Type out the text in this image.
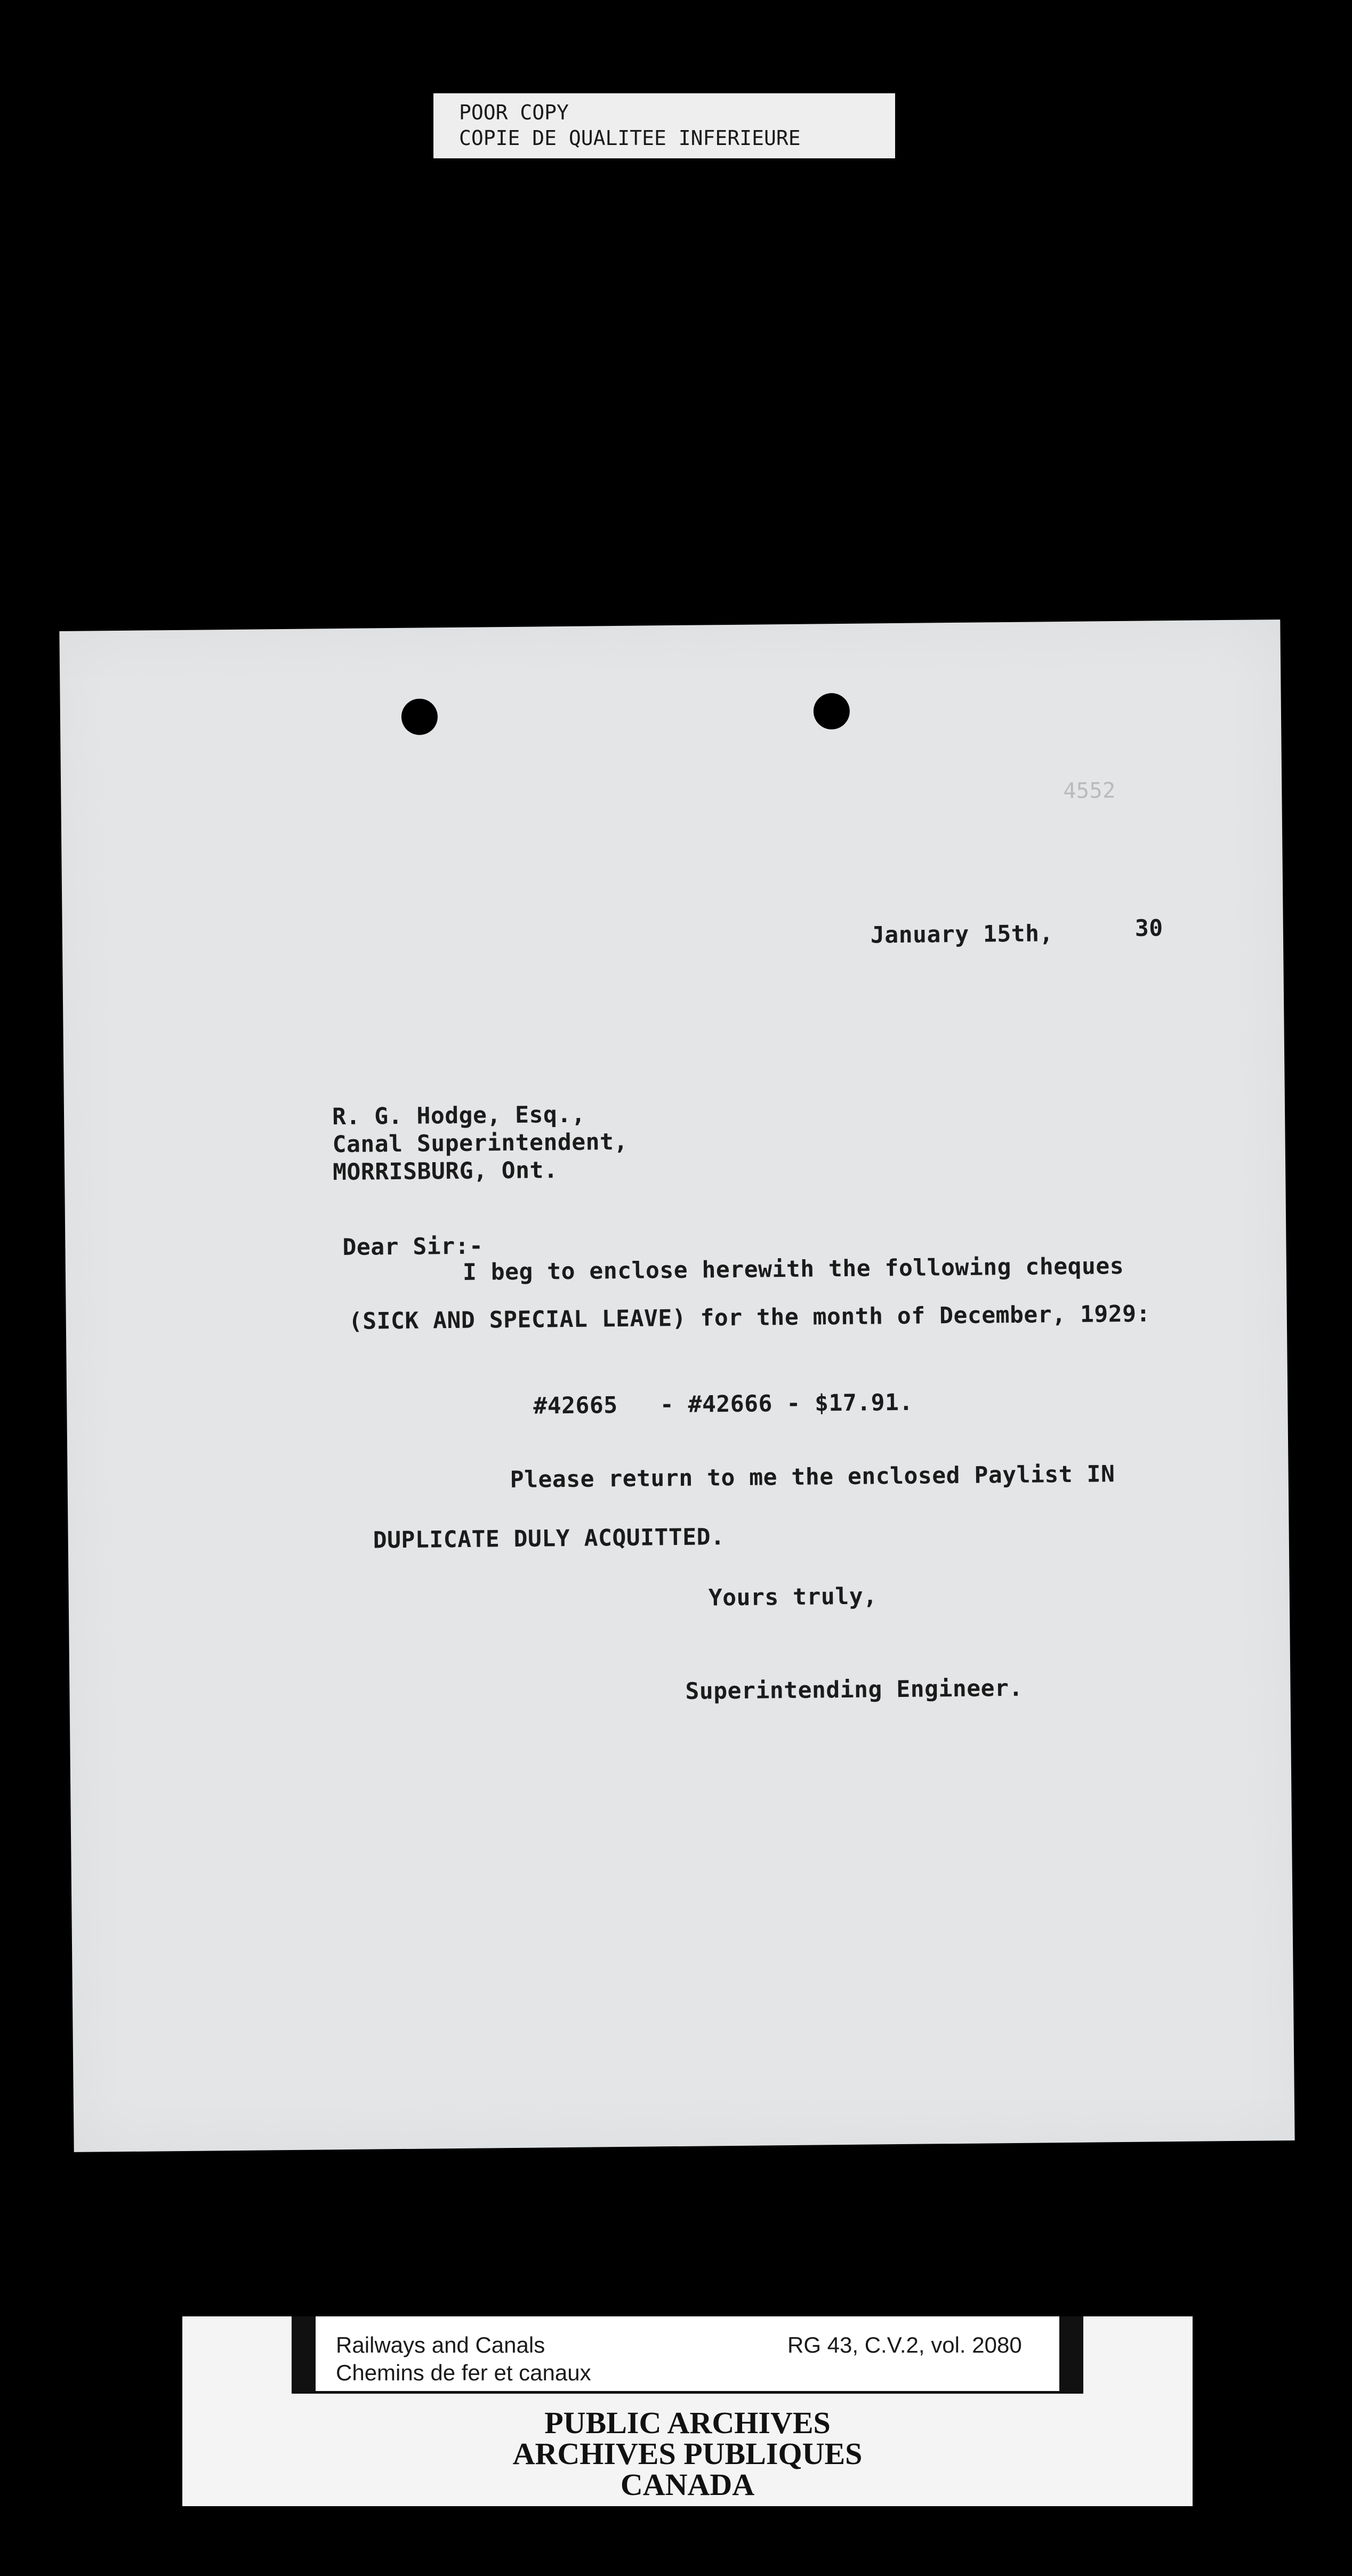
POOR COPY
COPIE DE QUALITEE INFERIEURE
4552
January 15th,	30
R. G. Hodge, Esq.,
Canal Superintendent,
MORRISBURG, Ont.
Dear Sir:-
I beg to enclose herewith the following cheques
(SICK AND SPECIAL LEAVE) for the month of December, 1929:
#42665   - #42666 - $17.91.
Please return to me the enclosed Paylist IN
DUPLICATE DULY ACQUITTED.
Yours truly,
Superintending Engineer.
Railways and Canals
Chemins de fer et canaux
RG 43, C.V.2, vol. 2080
PUBLIC ARCHIVES
ARCHIVES PUBLIQUES
CANADA
